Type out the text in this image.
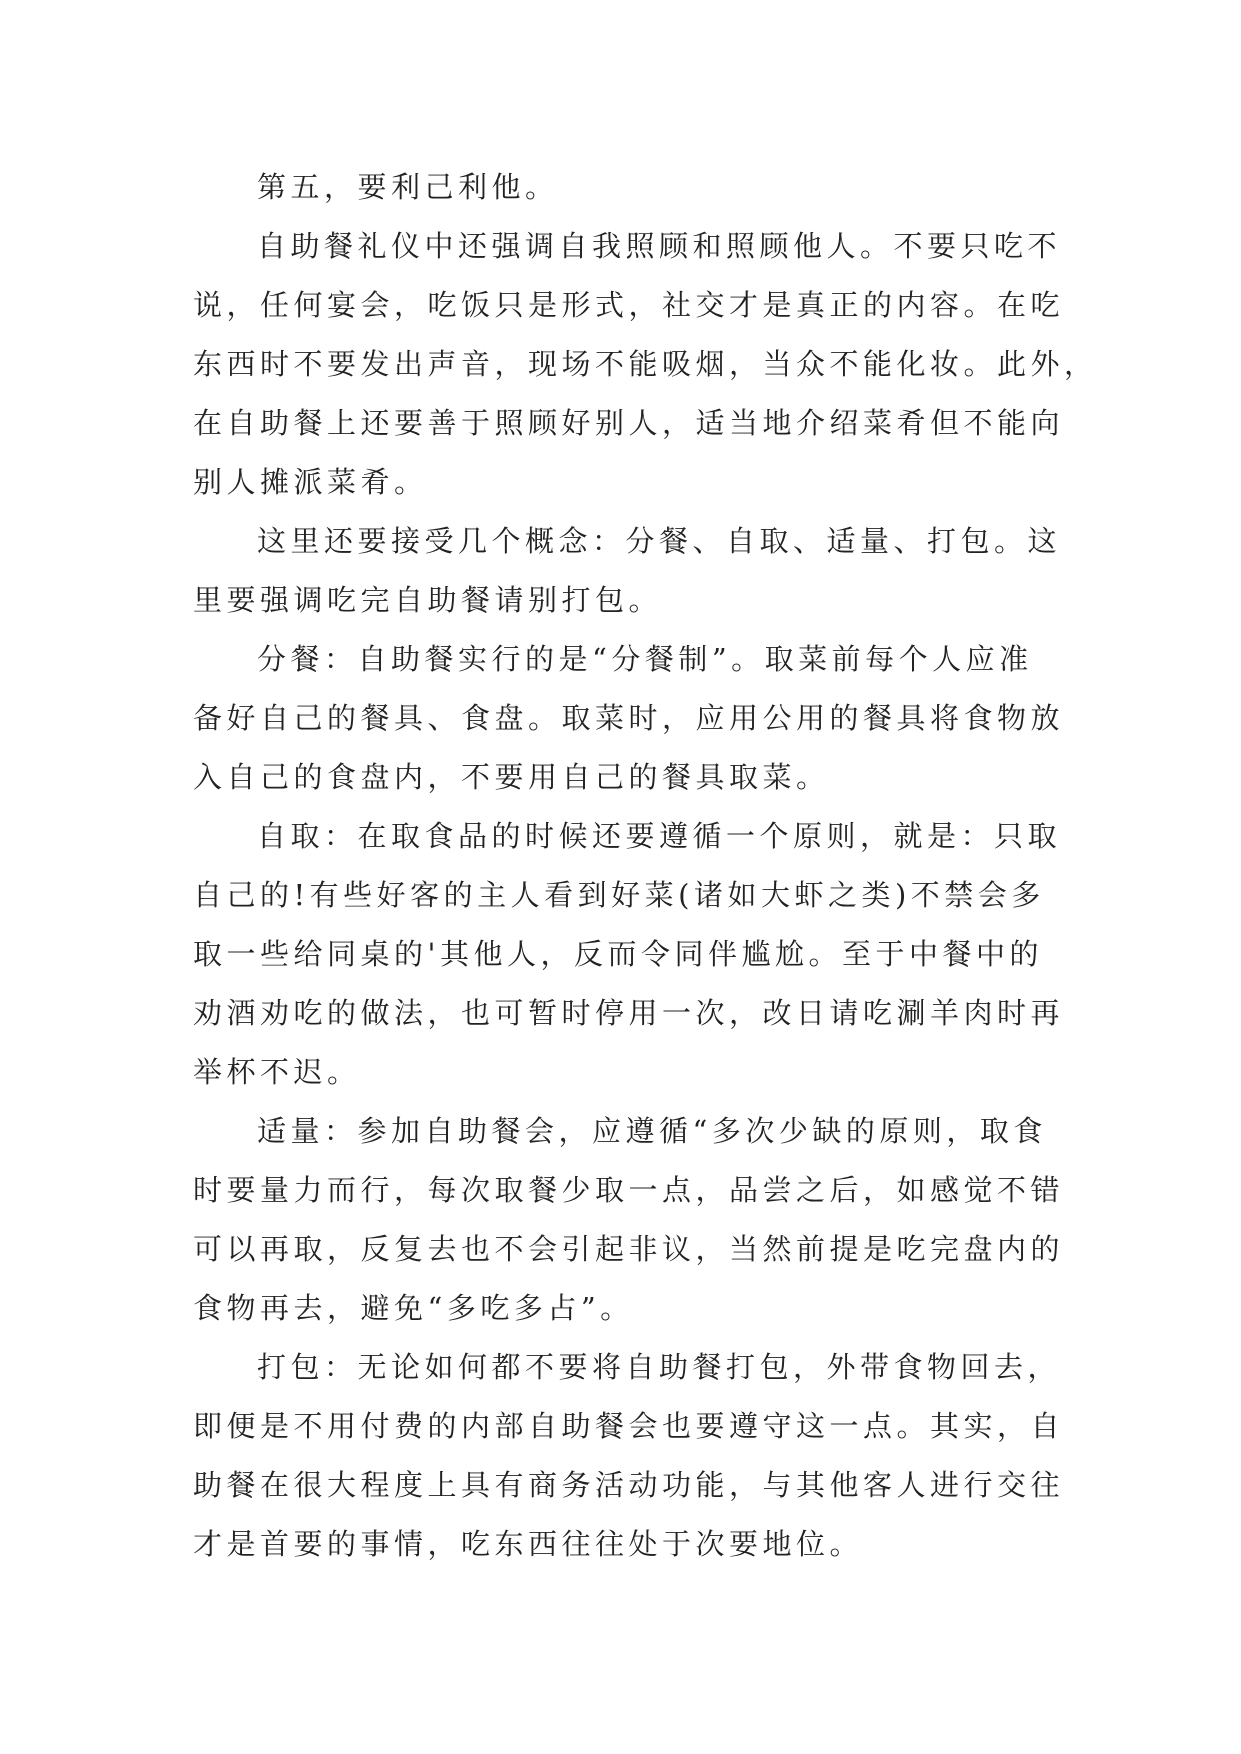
第五，要利己利他。
自助餐礼仪中还强调自我照顾和照顾他人。不要只吃不
说，任何宴会，吃饭只是形式，社交才是真正的内容。在吃
东西时不要发出声音，现场不能吸烟，当众不能化妆。此外，
在自助餐上还要善于照顾好别人，适当地介绍菜肴但不能向
别人摊派菜肴。
这里还要接受几个概念：分餐、自取、适量、打包。这
里要强调吃完自助餐请别打包。
分餐：自助餐实行的是“分餐制”。取菜前每个人应准
备好自己的餐具、食盘。取菜时，应用公用的餐具将食物放
入自己的食盘内，不要用自己的餐具取菜。
自取：在取食品的时候还要遵循一个原则，就是：只取
自己的!有些好客的主人看到好菜(诸如大虾之类)不禁会多
取一些给同桌的'其他人，反而令同伴尴尬。至于中餐中的
劝酒劝吃的做法，也可暂时停用一次，改日请吃涮羊肉时再
举杯不迟。
适量：参加自助餐会，应遵循“多次少缺的原则，取食
时要量力而行，每次取餐少取一点，品尝之后，如感觉不错
可以再取，反复去也不会引起非议，当然前提是吃完盘内的
食物再去，避免“多吃多占”。
打包：无论如何都不要将自助餐打包，外带食物回去，
即便是不用付费的内部自助餐会也要遵守这一点。其实，自
助餐在很大程度上具有商务活动功能，与其他客人进行交往
才是首要的事情，吃东西往往处于次要地位。
